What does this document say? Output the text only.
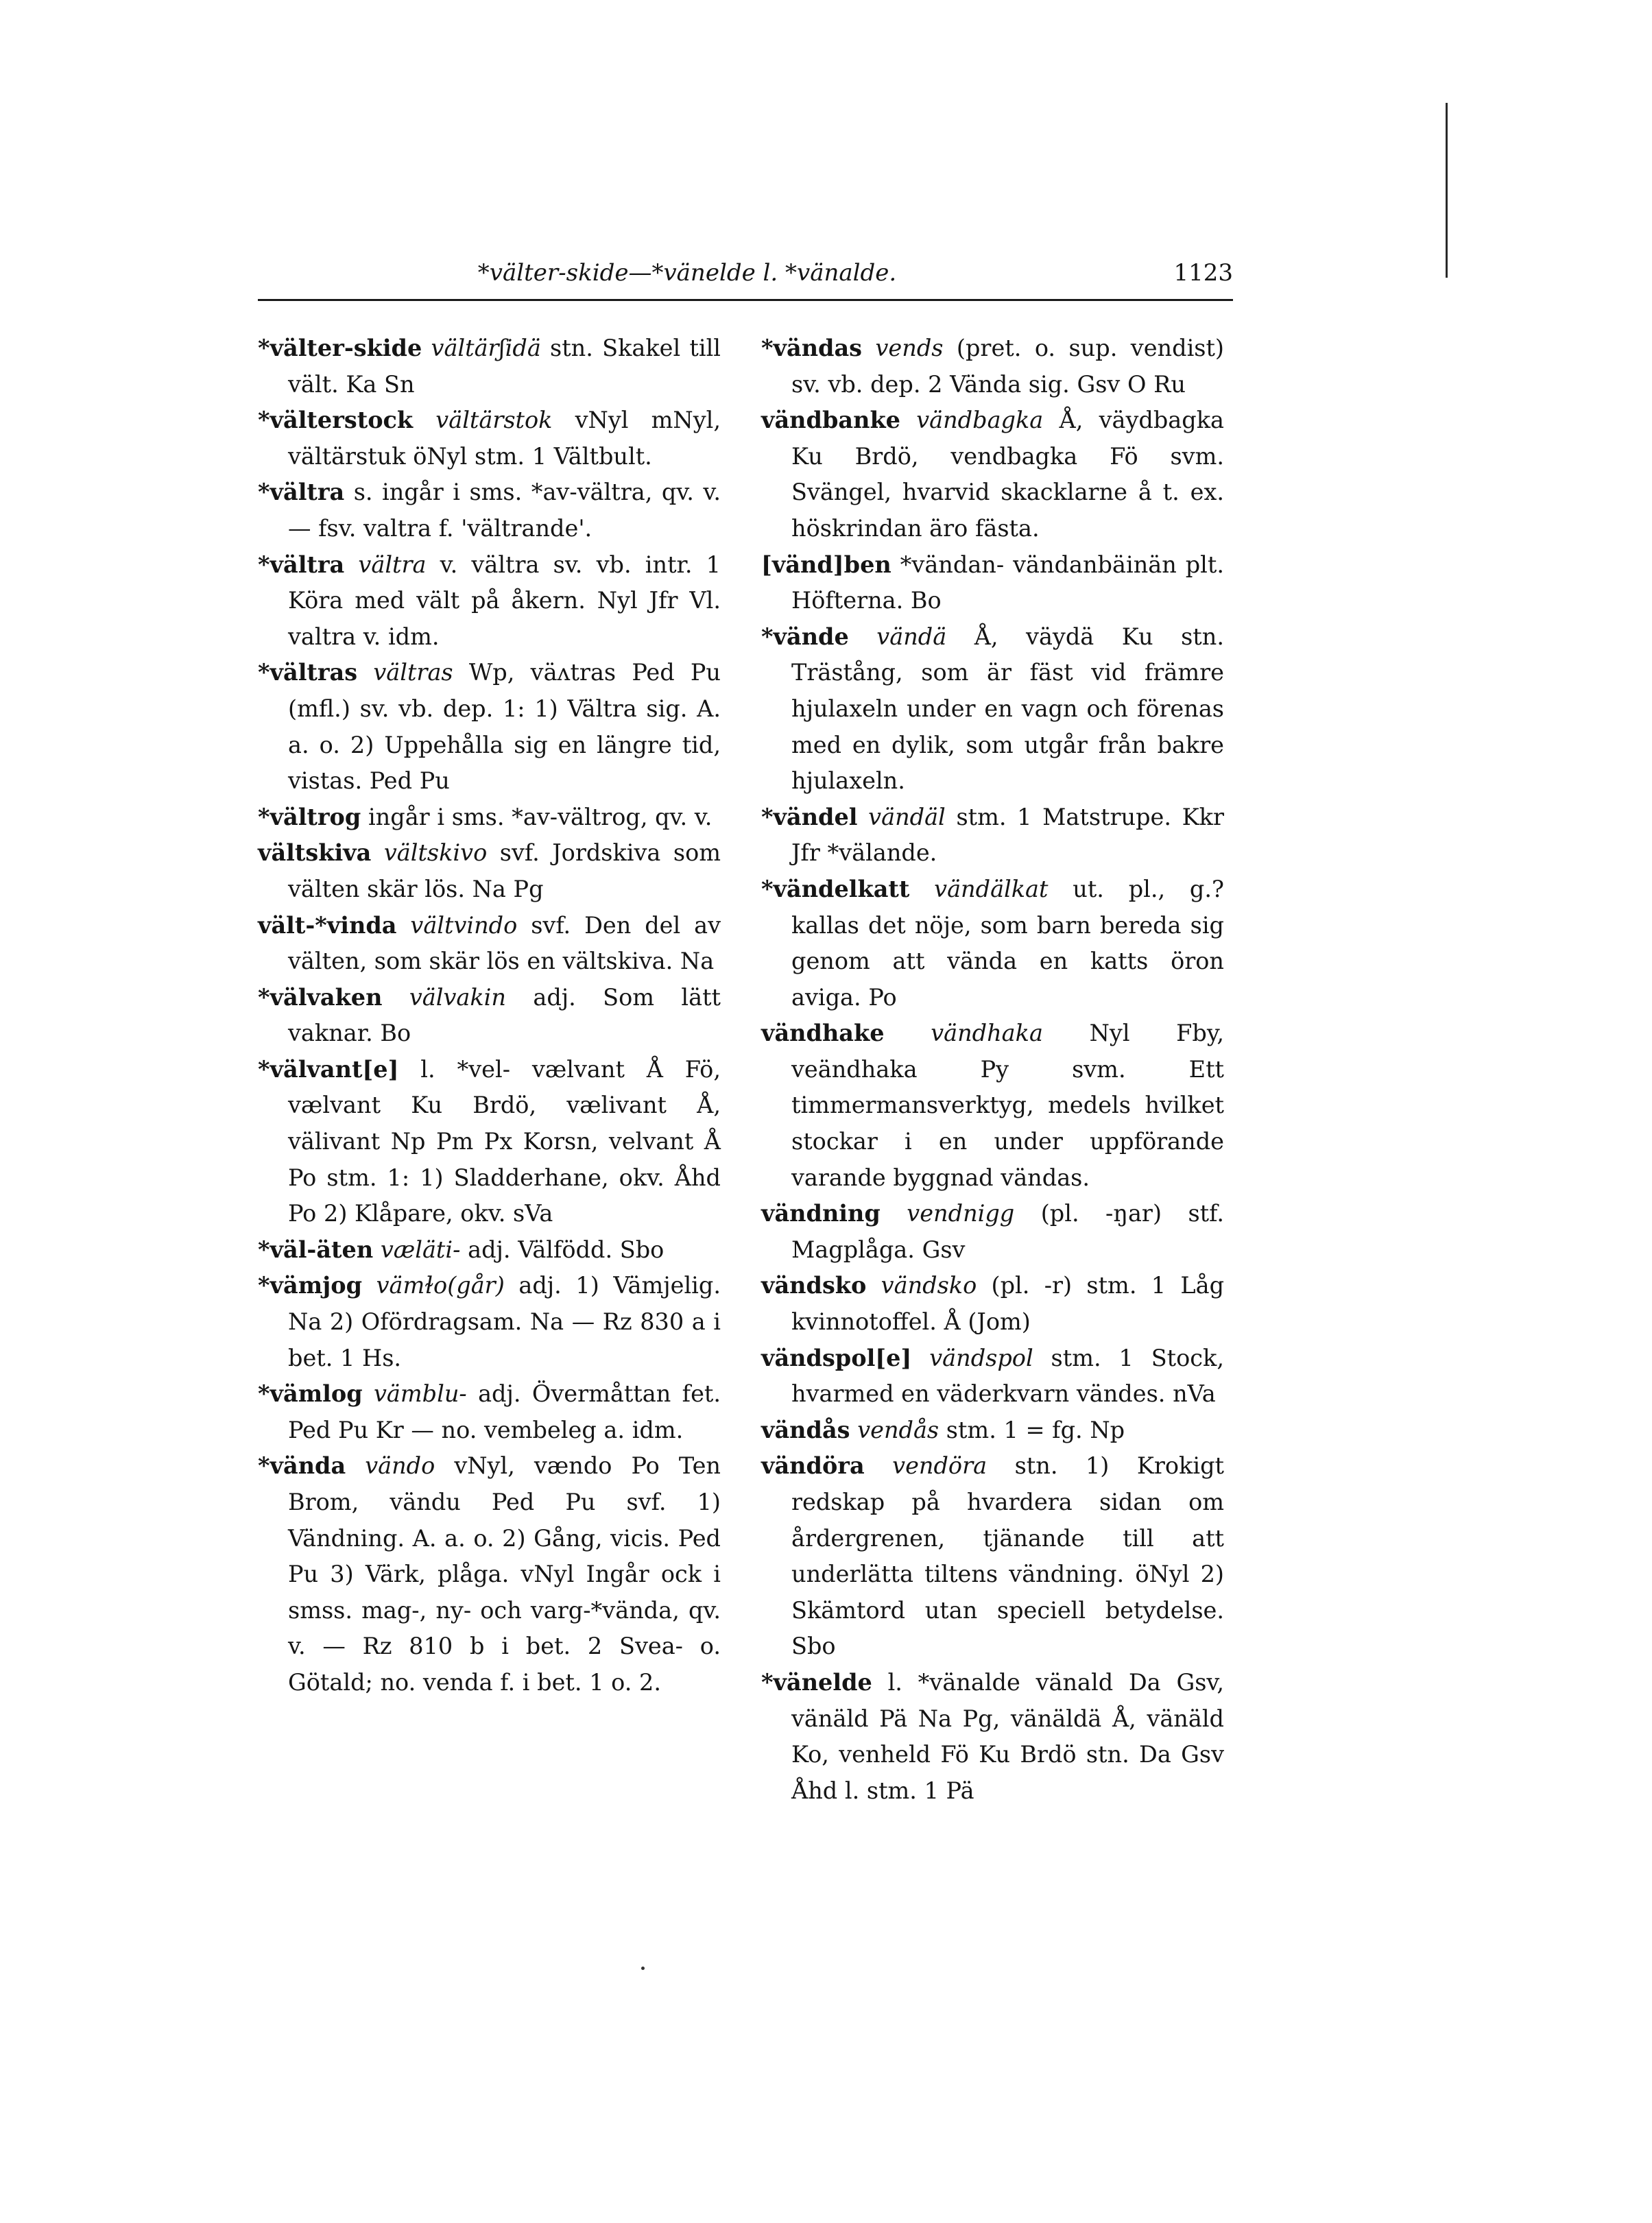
*välter-skide—*vänelde l. *vänalde.	1123

*välter-skide vältärʃidä stn. Skakel till vält. Ka Sn

*välterstock vältärstok vNyl mNyl, vältärstuk öNyl stm. 1 Vältbult.

*vältra s. ingår i sms. *av-vältra, qv. v. — fsv. valtra f. 'vältrande'.

*vältra vältra v. vältra sv. vb. intr. 1 Köra med vält på åkern. Nyl Jfr Vl. valtra v. idm.

*vältras vältras Wp, väʌtras Ped Pu (mfl.) sv. vb. dep. 1: 1) Vältra sig. A. a. o. 2) Uppehålla sig en längre tid, vistas. Ped Pu

*vältrog ingår i sms. *av-vältrog, qv. v.

vältskiva vältskivo svf. Jordskiva som välten skär lös. Na Pg

vält-*vinda vältvindo svf. Den del av välten, som skär lös en vältskiva. Na

*välvaken välvakin adj. Som lätt vaknar. Bo

*välvant[e] l. *vel- vælvant Å Fö, vælvant Ku Brdö, vælivant Å, välivant Np Pm Px Korsn, velvant Å Po stm. 1: 1) Sladderhane, okv. Åhd Po 2) Klåpare, okv. sVa

*väl-äten væläti- adj. Välfödd. Sbo

*vämjog vämɫo(går) adj. 1) Vämjelig. Na 2) Ofördragsam. Na — Rz 830 a i bet. 1 Hs.

*vämlog vämblu- adj. Övermåttan fet. Ped Pu Kr — no. vembeleg a. idm.

*vända vändo vNyl, vændo Po Ten Brom, vändu Ped Pu svf. 1) Vändning. A. a. o. 2) Gång, vicis. Ped Pu 3) Värk, plåga. vNyl Ingår ock i smss. mag-, ny- och varg-*vända, qv. v. — Rz 810 b i bet. 2 Svea- o. Götald; no. venda f. i bet. 1 o. 2.

*vändas vends (pret. o. sup. vendist) sv. vb. dep. 2 Vända sig. Gsv O Ru

vändbanke vändbagka Å, väydbagka Ku Brdö, vendbagka Fö svm. Svängel, hvarvid skacklarne å t. ex. höskrindan äro fästa.

[vänd]ben *vändan- vändanbäinän plt. Höfterna. Bo

*vände vändä Å, väydä Ku stn. Trästång, som är fäst vid främre hjulaxeln under en vagn och förenas med en dylik, som utgår från bakre hjulaxeln.

*vändel vändäl stm. 1 Matstrupe. Kkr Jfr *välande.

*vändelkatt vändälkat ut. pl., g.? kallas det nöje, som barn bereda sig genom att vända en katts öron aviga. Po

vändhake vändhaka Nyl Fby, veändhaka Py svm. Ett timmermansverktyg, medels hvilket stockar i en under uppförande varande byggnad vändas.

vändning vendnigg (pl. -ŋar) stf. Magplåga. Gsv

vändsko vändsko (pl. -r) stm. 1 Låg kvinnotoffel. Å (Jom)

vändspol[e] vändspol stm. 1 Stock, hvarmed en väderkvarn vändes. nVa

vändås vendås stm. 1 = fg. Np

vändöra vendöra stn. 1) Krokigt redskap på hvardera sidan om årdergrenen, tjänande till att underlätta tiltens vändning. öNyl 2) Skämtord utan speciell betydelse. Sbo

*vänelde l. *vänalde vänald Da Gsv, vänäld Pä Na Pg, vänäldä Å, vänäld Ko, venheld Fö Ku Brdö stn. Da Gsv Åhd l. stm. 1 Pä
